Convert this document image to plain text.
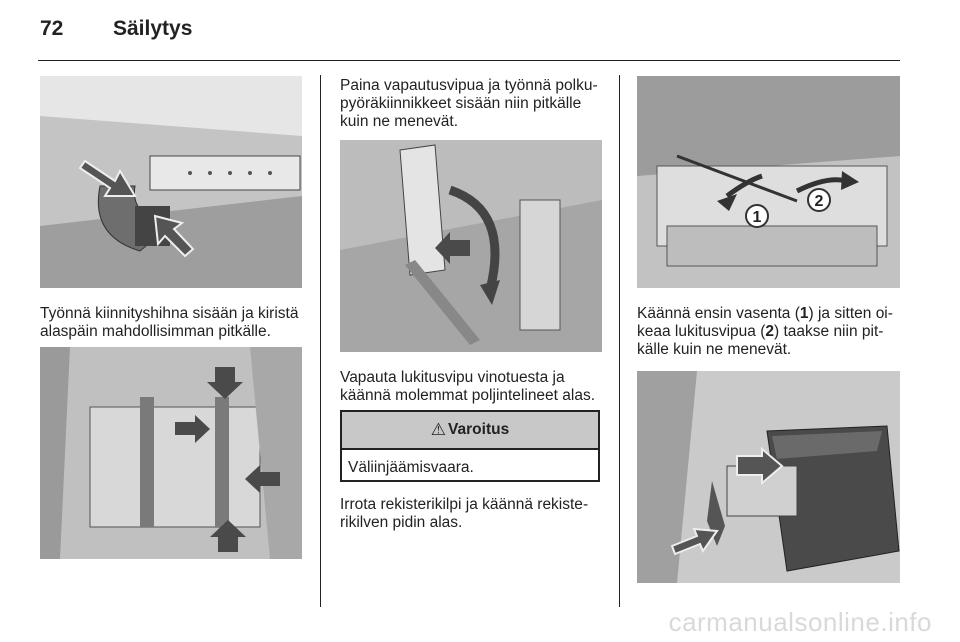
72 Säilytys
Työnnä kiinnityshihna sisään ja kiristä alaspäin mahdollisimman pitkälle.
Paina vapautusvipua ja työnnä polkupyöräkiinnikkeet sisään niin pitkälle kuin ne menevät.
Vapauta lukitusvipu vinotuesta ja käännä molemmat poljintelineet alas.
⚠ Varoitus
Väliinjäämisvaara.
Irrota rekisterikilpi ja käännä rekisterikilven pidin alas.
1
2
Käännä ensin vasenta (1) ja sitten oikeaa lukitusvipua (2) taakse niin pitkälle kuin ne menevät.
carmanualsonline.info
